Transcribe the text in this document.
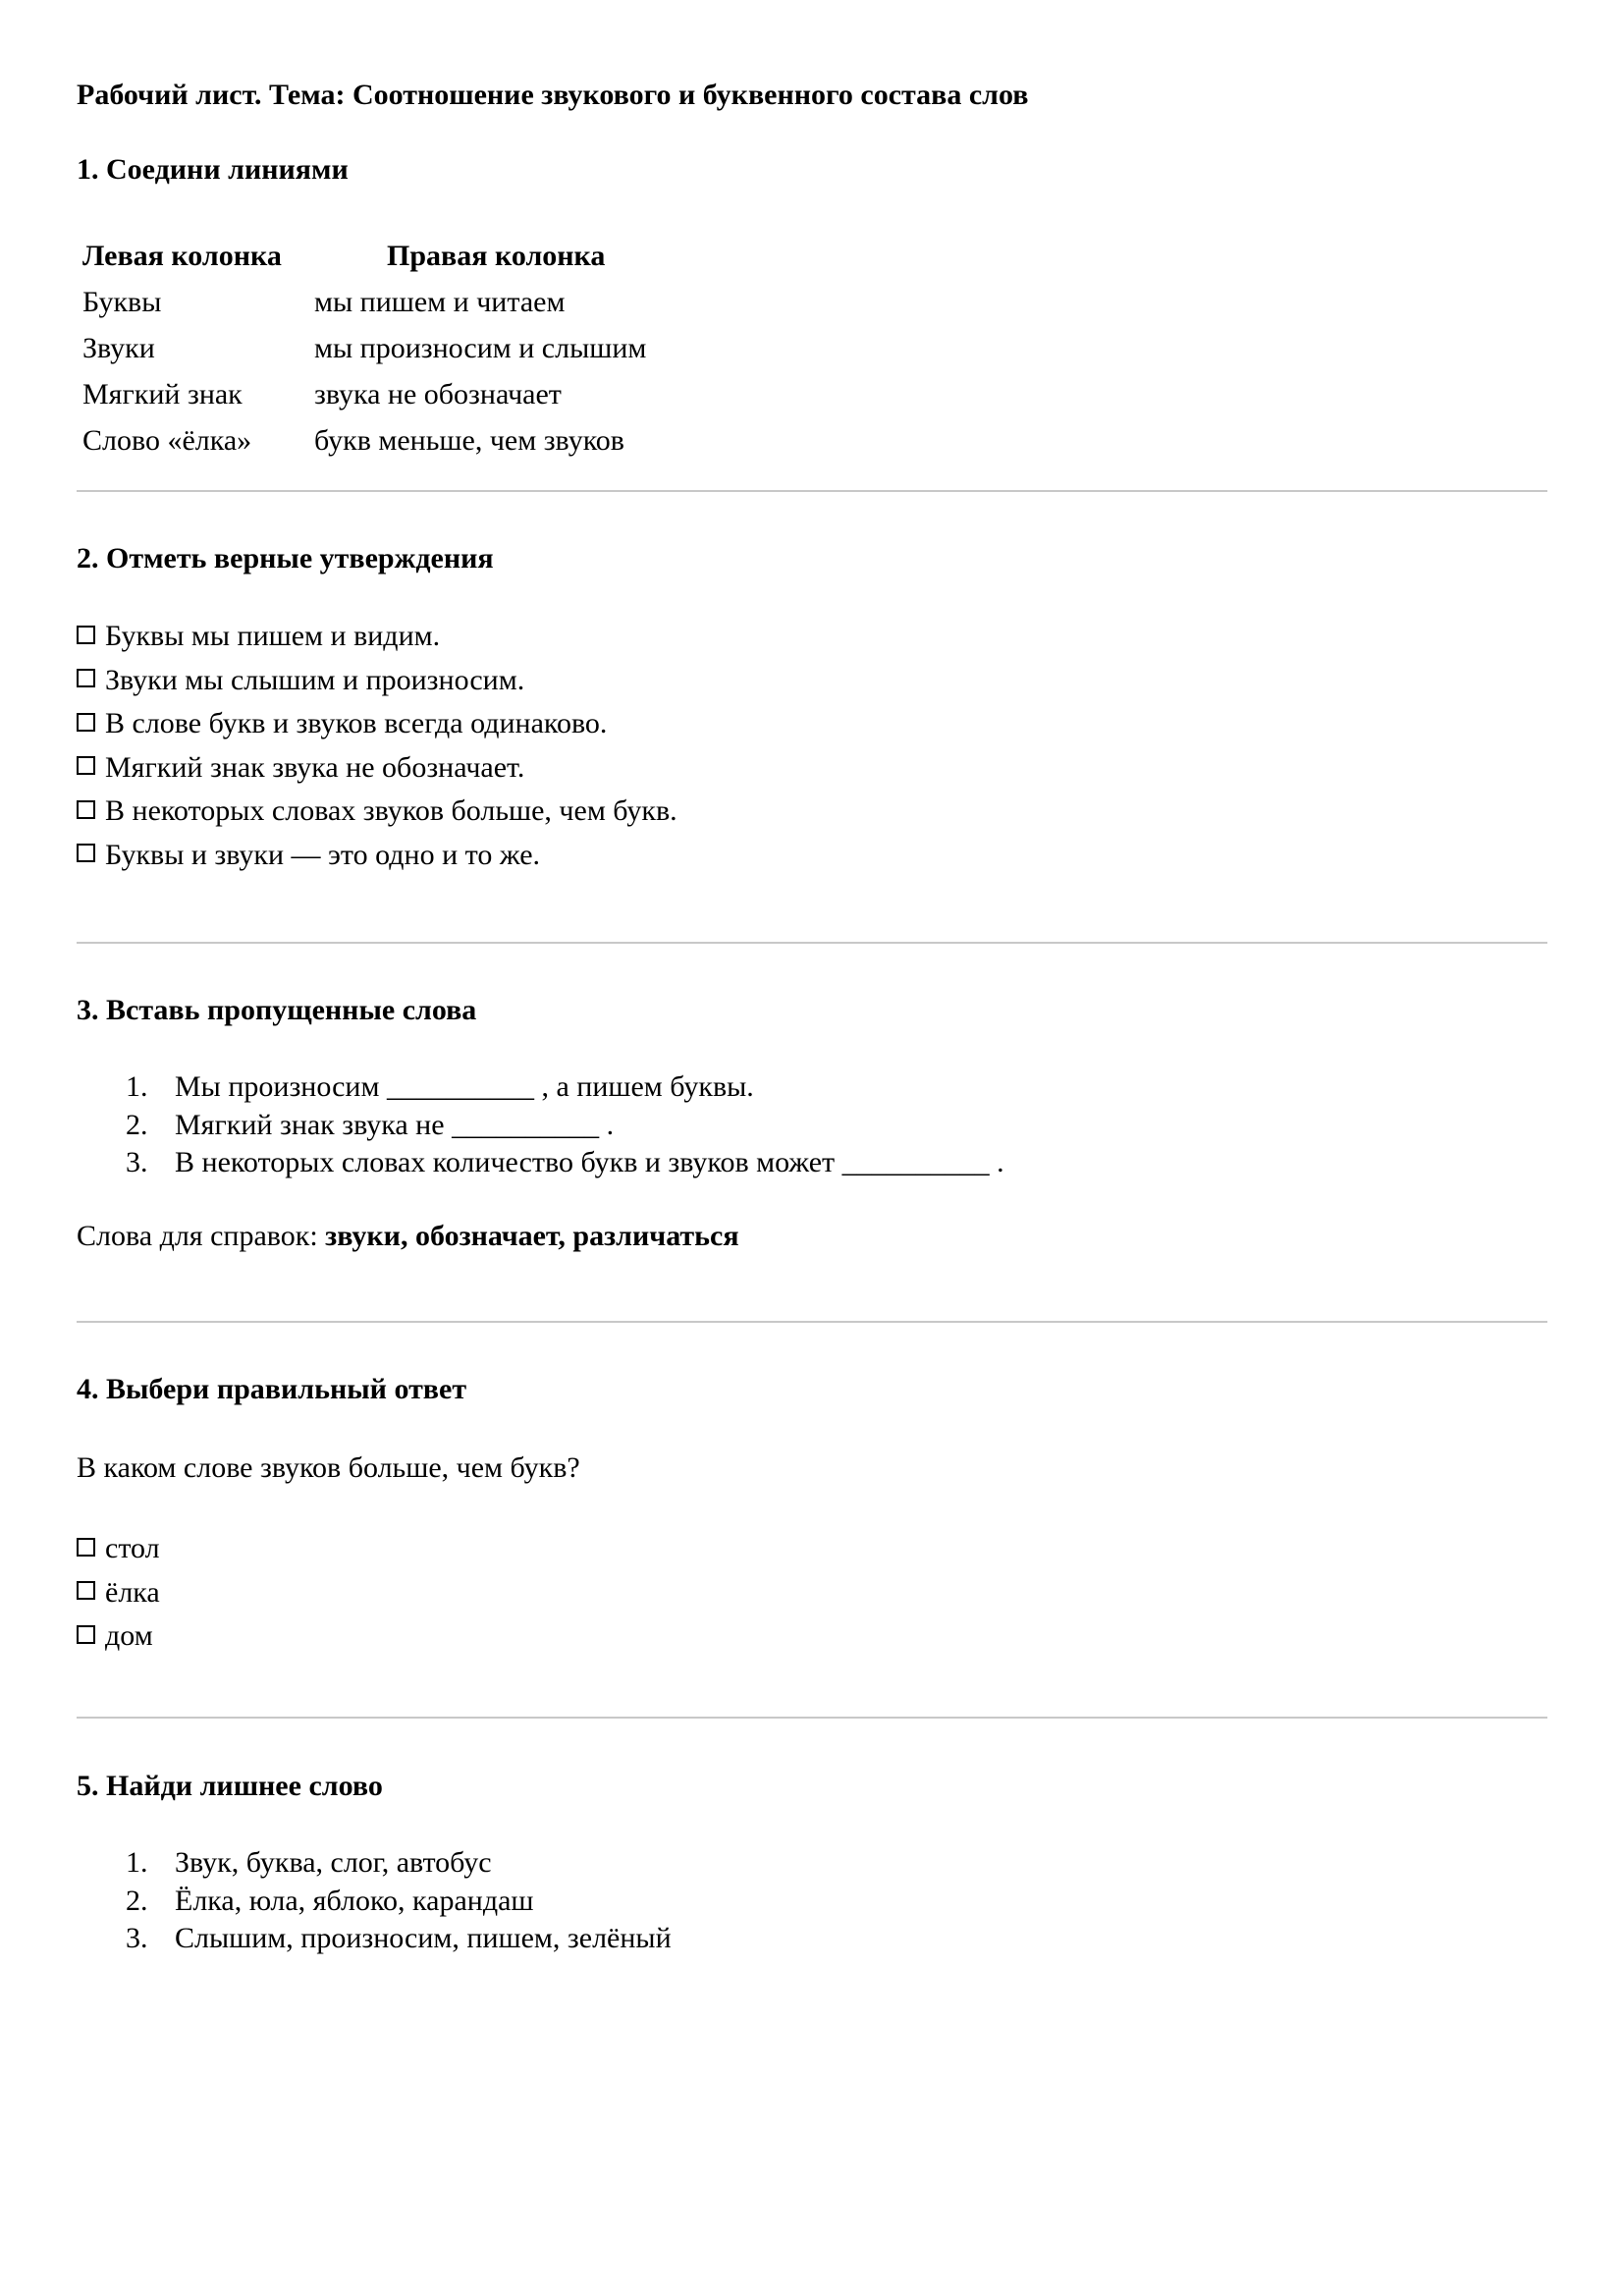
Рабочий лист. Тема: Соотношение звукового и буквенного состава слов
1. Соедини линиями
Левая колонка	Правая колонка
Буквы	мы пишем и читаем
Звуки	мы произносим и слышим
Мягкий знак	звука не обозначает
Слово «ёлка»	букв меньше, чем звуков
2. Отметь верные утверждения
Буквы мы пишем и видим.
Звуки мы слышим и произносим.
В слове букв и звуков всегда одинаково.
Мягкий знак звука не обозначает.
В некоторых словах звуков больше, чем букв.
Буквы и звуки — это одно и то же.
3. Вставь пропущенные слова
1. Мы произносим __________ , а пишем буквы.
2. Мягкий знак звука не __________ .
3. В некоторых словах количество букв и звуков может __________ .
Слова для справок: звуки, обозначает, различаться
4. Выбери правильный ответ
В каком слове звуков больше, чем букв?
стол
ёлка
дом
5. Найди лишнее слово
1. Звук, буква, слог, автобус
2. Ёлка, юла, яблоко, карандаш
3. Слышим, произносим, пишем, зелёный
